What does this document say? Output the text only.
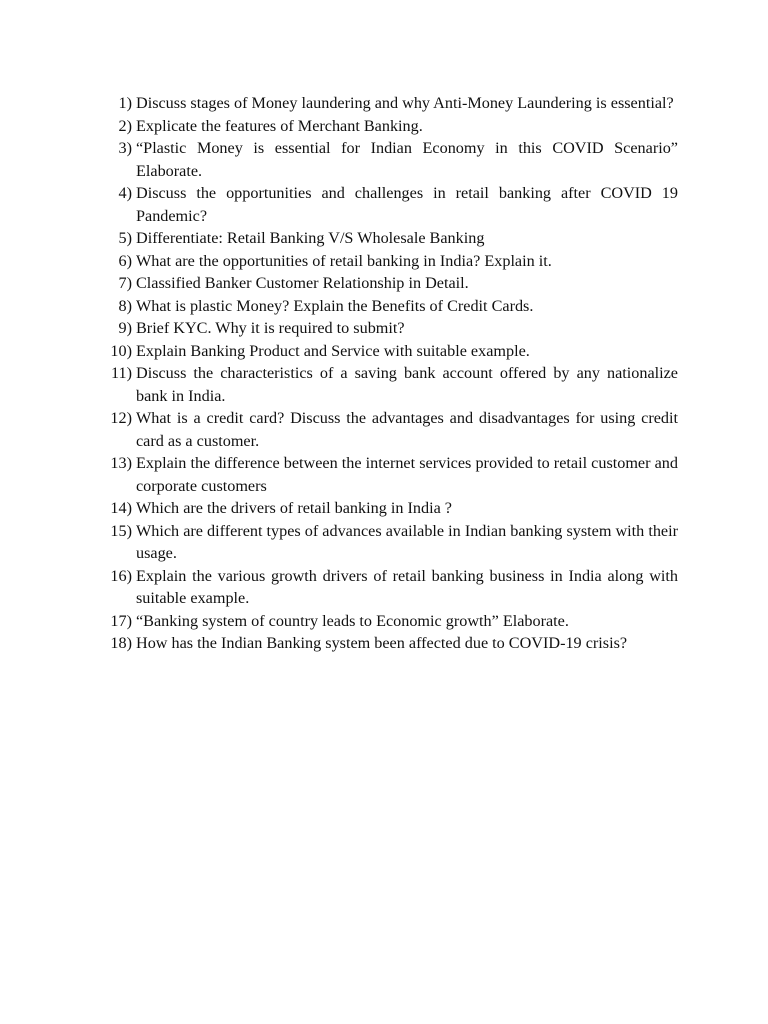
1) Discuss stages of Money laundering and why Anti-Money Laundering is essential?
2) Explicate the features of Merchant Banking.
3) “Plastic Money is essential for Indian Economy in this COVID Scenario” Elaborate.
4) Discuss the opportunities and challenges in retail banking after COVID 19 Pandemic?
5) Differentiate: Retail Banking V/S Wholesale Banking
6) What are the opportunities of retail banking in India? Explain it.
7) Classified Banker Customer Relationship in Detail.
8) What is plastic Money? Explain the Benefits of Credit Cards.
9) Brief KYC. Why it is required to submit?
10) Explain Banking Product and Service with suitable example.
11) Discuss the characteristics of a saving bank account offered by any nationalize bank in India.
12) What is a credit card? Discuss the advantages and disadvantages for using credit card as a customer.
13) Explain the difference between the internet services provided to retail customer and corporate customers
14) Which are the drivers of retail banking in India ?
15) Which are different types of advances available in Indian banking system with their usage.
16) Explain the various growth drivers of retail banking business in India along with suitable example.
17) “Banking system of country leads to Economic growth” Elaborate.
18) How has the Indian Banking system been affected due to COVID-19 crisis?
